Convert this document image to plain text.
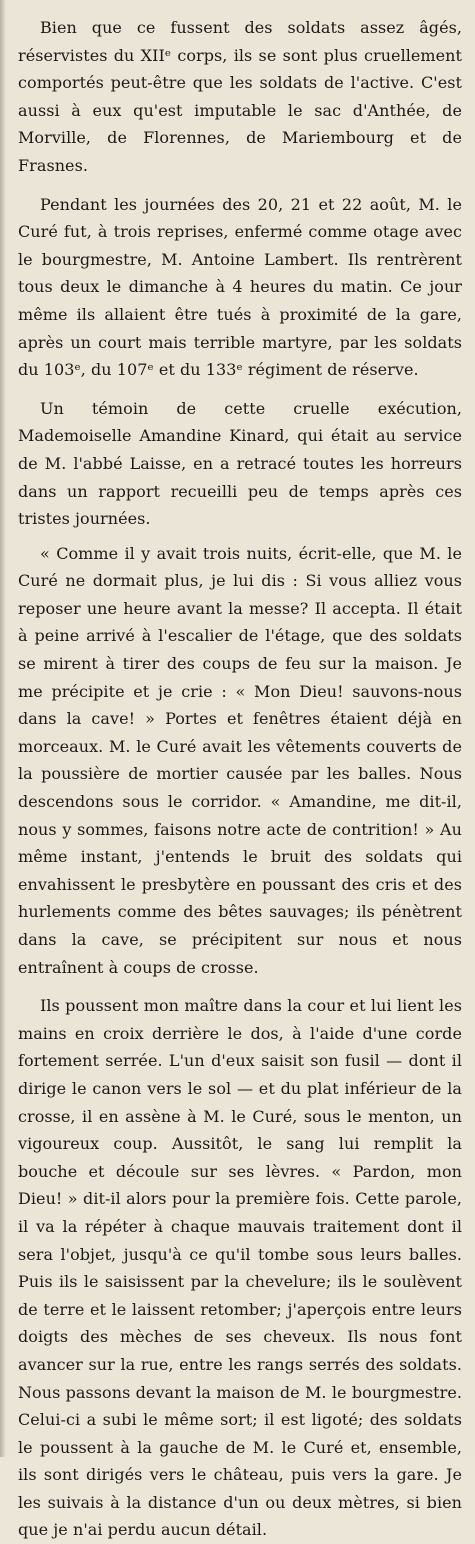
Bien que ce fussent des soldats assez âgés, réservistes du XIIᵉ corps, ils se sont plus cruellement comportés peut-être que les soldats de l'active. C'est aussi à eux qu'est imputable le sac d'Anthée, de Morville, de Florennes, de Mariembourg et de Frasnes.

Pendant les journées des 20, 21 et 22 août, M. le Curé fut, à trois reprises, enfermé comme otage avec le bourgmestre, M. Antoine Lambert. Ils rentrèrent tous deux le dimanche à 4 heures du matin. Ce jour même ils allaient être tués à proximité de la gare, après un court mais terrible martyre, par les soldats du 103ᵉ, du 107ᵉ et du 133ᵉ régiment de réserve.

Un témoin de cette cruelle exécution, Mademoiselle Amandine Kinard, qui était au service de M. l'abbé Laisse, en a retracé toutes les horreurs dans un rapport recueilli peu de temps après ces tristes journées.

« Comme il y avait trois nuits, écrit-elle, que M. le Curé ne dormait plus, je lui dis : Si vous alliez vous reposer une heure avant la messe? Il accepta. Il était à peine arrivé à l'escalier de l'étage, que des soldats se mirent à tirer des coups de feu sur la maison. Je me précipite et je crie : « Mon Dieu! sauvons-nous dans la cave! » Portes et fenêtres étaient déjà en morceaux. M. le Curé avait les vêtements couverts de la poussière de mortier causée par les balles. Nous descendons sous le corridor. « Amandine, me dit-il, nous y sommes, faisons notre acte de contrition! » Au même instant, j'entends le bruit des soldats qui envahissent le presbytère en poussant des cris et des hurlements comme des bêtes sauvages; ils pénètrent dans la cave, se précipitent sur nous et nous entraînent à coups de crosse.

Ils poussent mon maître dans la cour et lui lient les mains en croix derrière le dos, à l'aide d'une corde fortement serrée. L'un d'eux saisit son fusil — dont il dirige le canon vers le sol — et du plat inférieur de la crosse, il en assène à M. le Curé, sous le menton, un vigoureux coup. Aussitôt, le sang lui remplit la bouche et découle sur ses lèvres. « Pardon, mon Dieu! » dit-il alors pour la première fois. Cette parole, il va la répéter à chaque mauvais traitement dont il sera l'objet, jusqu'à ce qu'il tombe sous leurs balles. Puis ils le saisissent par la chevelure; ils le soulèvent de terre et le laissent retomber; j'aperçois entre leurs doigts des mèches de ses cheveux. Ils nous font avancer sur la rue, entre les rangs serrés des soldats. Nous passons devant la maison de M. le bourgmestre. Celui-ci a subi le même sort; il est ligoté; des soldats le poussent à la gauche de M. le Curé et, ensemble, ils sont dirigés vers le château, puis vers la gare. Je les suivais à la distance d'un ou deux mètres, si bien que je n'ai perdu aucun détail.
